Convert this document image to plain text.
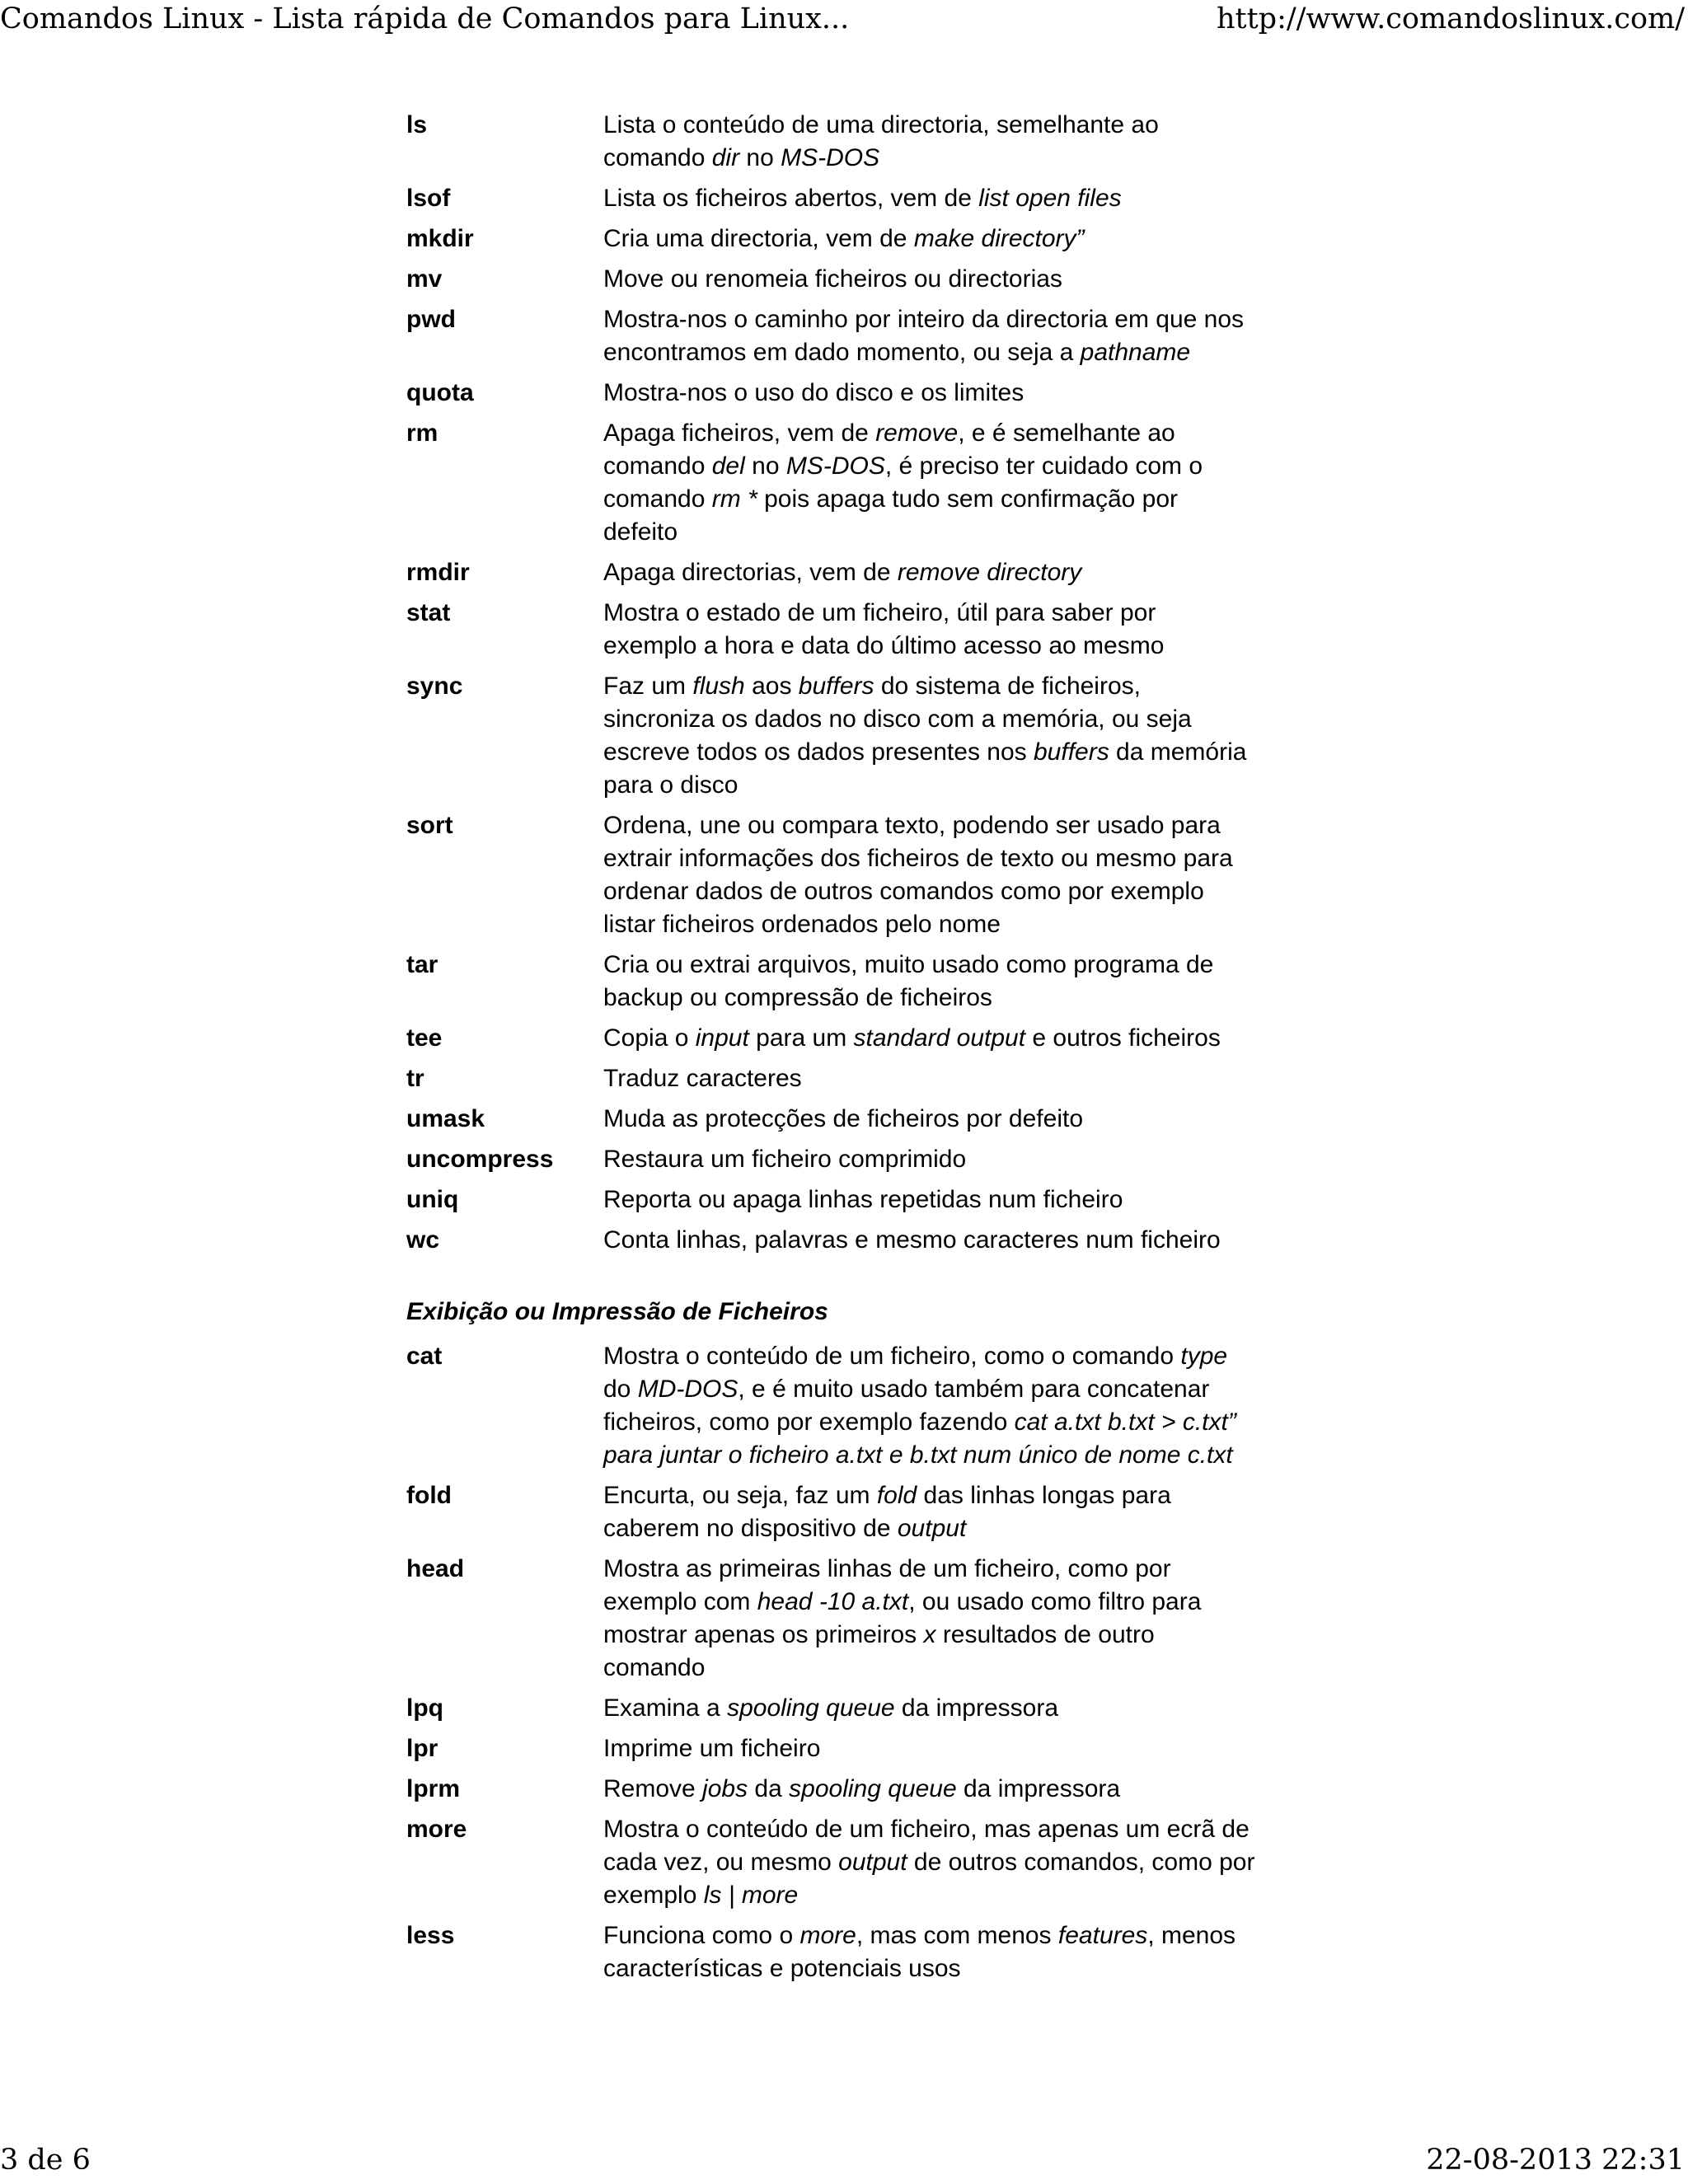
Comandos Linux - Lista rápida de Comandos para Linux...	http://www.comandoslinux.com/
ls	Lista o conteúdo de uma directoria, semelhante ao comando dir no MS-DOS
lsof	Lista os ficheiros abertos, vem de list open files
mkdir	Cria uma directoria, vem de make directory”
mv	Move ou renomeia ficheiros ou directorias
pwd	Mostra-nos o caminho por inteiro da directoria em que nos encontramos em dado momento, ou seja a pathname
quota	Mostra-nos o uso do disco e os limites
rm	Apaga ficheiros, vem de remove, e é semelhante ao comando del no MS-DOS, é preciso ter cuidado com o comando rm * pois apaga tudo sem confirmação por defeito
rmdir	Apaga directorias, vem de remove directory
stat	Mostra o estado de um ficheiro, útil para saber por exemplo a hora e data do último acesso ao mesmo
sync	Faz um flush aos buffers do sistema de ficheiros, sincroniza os dados no disco com a memória, ou seja escreve todos os dados presentes nos buffers da memória para o disco
sort	Ordena, une ou compara texto, podendo ser usado para extrair informações dos ficheiros de texto ou mesmo para ordenar dados de outros comandos como por exemplo listar ficheiros ordenados pelo nome
tar	Cria ou extrai arquivos, muito usado como programa de backup ou compressão de ficheiros
tee	Copia o input para um standard output e outros ficheiros
tr	Traduz caracteres
umask	Muda as protecções de ficheiros por defeito
uncompress	Restaura um ficheiro comprimido
uniq	Reporta ou apaga linhas repetidas num ficheiro
wc	Conta linhas, palavras e mesmo caracteres num ficheiro
Exibição ou Impressão de Ficheiros
cat	Mostra o conteúdo de um ficheiro, como o comando type do MD-DOS, e é muito usado também para concatenar ficheiros, como por exemplo fazendo cat a.txt b.txt > c.txt” para juntar o ficheiro a.txt e b.txt num único de nome c.txt
fold	Encurta, ou seja, faz um fold das linhas longas para caberem no dispositivo de output
head	Mostra as primeiras linhas de um ficheiro, como por exemplo com head -10 a.txt, ou usado como filtro para mostrar apenas os primeiros x resultados de outro comando
lpq	Examina a spooling queue da impressora
lpr	Imprime um ficheiro
lprm	Remove jobs da spooling queue da impressora
more	Mostra o conteúdo de um ficheiro, mas apenas um ecrã de cada vez, ou mesmo output de outros comandos, como por exemplo ls | more
less	Funciona como o more, mas com menos features, menos características e potenciais usos
3 de 6	22-08-2013 22:31
